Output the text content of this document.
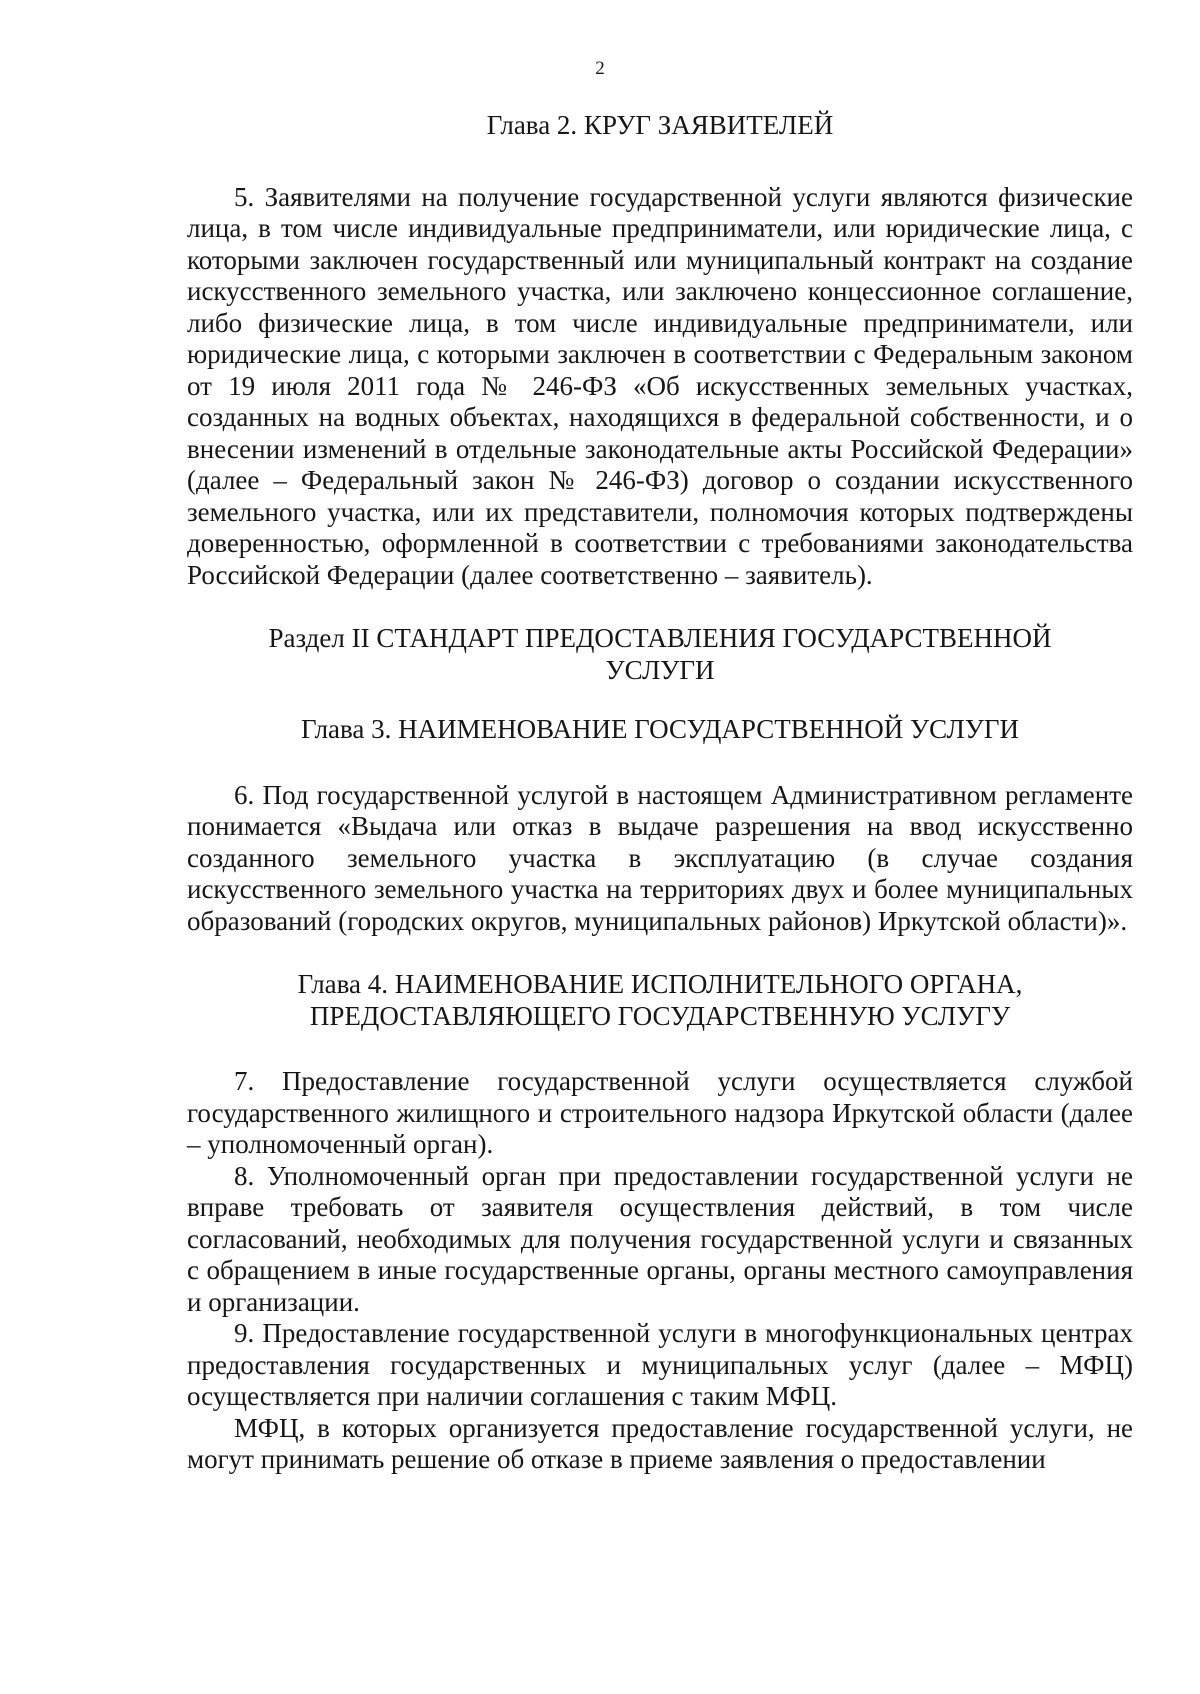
2
Глава 2. КРУГ ЗАЯВИТЕЛЕЙ

5. Заявителями на получение государственной услуги являются физические лица, в том числе индивидуальные предприниматели, или юридические лица, с которыми заключен государственный или муниципальный контракт на создание искусственного земельного участка, или заключено концессионное соглашение, либо физические лица, в том числе индивидуальные предприниматели, или юридические лица, с которыми заключен в соответствии с Федеральным законом от 19 июля 2011 года № 246-ФЗ «Об искусственных земельных участках, созданных на водных объектах, находящихся в федеральной собственности, и о внесении изменений в отдельные законодательные акты Российской Федерации» (далее – Федеральный закон № 246-ФЗ) договор о создании искусственного земельного участка, или их представители, полномочия которых подтверждены доверенностью, оформленной в соответствии с требованиями законодательства Российской Федерации (далее соответственно – заявитель).

Раздел II СТАНДАРТ ПРЕДОСТАВЛЕНИЯ ГОСУДАРСТВЕННОЙ
УСЛУГИ
Глава 3. НАИМЕНОВАНИЕ ГОСУДАРСТВЕННОЙ УСЛУГИ

6. Под государственной услугой в настоящем Административном регламенте понимается «Выдача или отказ в выдаче разрешения на ввод искусственно созданного земельного участка в эксплуатацию (в случае создания искусственного земельного участка на территориях двух и более муниципальных образований (городских округов, муниципальных районов) Иркутской области)».

Глава 4. НАИМЕНОВАНИЕ ИСПОЛНИТЕЛЬНОГО ОРГАНА,
ПРЕДОСТАВЛЯЮЩЕГО ГОСУДАРСТВЕННУЮ УСЛУГУ

7. Предоставление государственной услуги осуществляется службой государственного жилищного и строительного надзора Иркутской области (далее – уполномоченный орган).

8. Уполномоченный орган при предоставлении государственной услуги не вправе требовать от заявителя осуществления действий, в том числе согласований, необходимых для получения государственной услуги и связанных с обращением в иные государственные органы, органы местного самоуправления и организации.

9. Предоставление государственной услуги в многофункциональных центрах предоставления государственных и муниципальных услуг (далее – МФЦ) осуществляется при наличии соглашения с таким МФЦ.

МФЦ, в которых организуется предоставление государственной услуги, не могут принимать решение об отказе в приеме заявления о предоставлении
